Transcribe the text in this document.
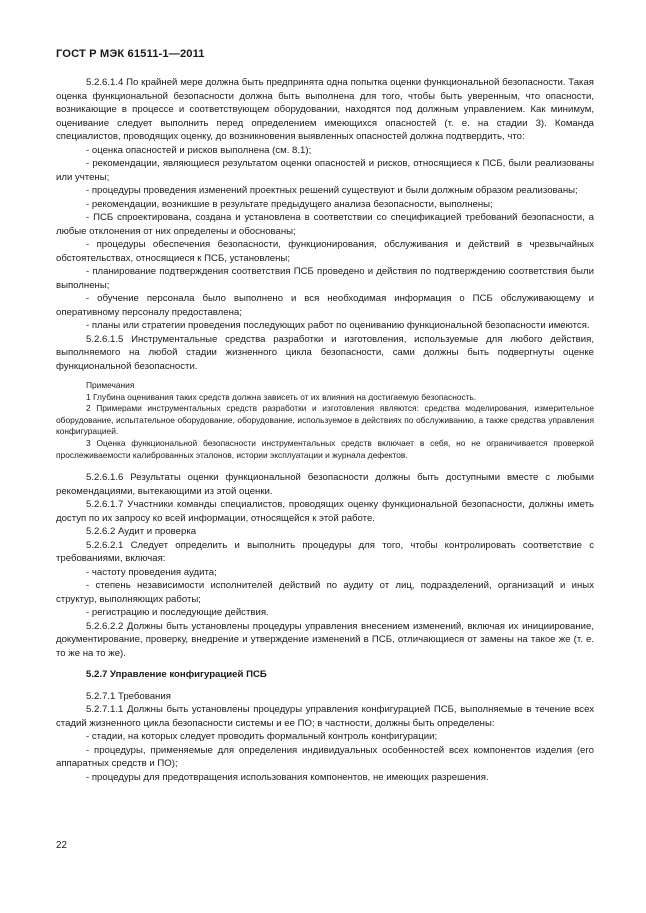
ГОСТ Р МЭК 61511-1—2011

5.2.6.1.4 По крайней мере должна быть предпринята одна попытка оценки функциональной безопасности. Такая оценка функциональной безопасности должна быть выполнена для того, чтобы быть уверенным, что опасности, возникающие в процессе и соответствующем оборудовании, находятся под должным управлением. Как минимум, оценивание следует выполнить перед определением имеющихся опасностей (т. е. на стадии 3). Команда специалистов, проводящих оценку, до возникновения выявленных опасностей должна подтвердить, что:

- оценка опасностей и рисков выполнена (см. 8.1);

- рекомендации, являющиеся результатом оценки опасностей и рисков, относящиеся к ПСБ, были реализованы или учтены;

- процедуры проведения изменений проектных решений существуют и были должным образом реализованы;

- рекомендации, возникшие в результате предыдущего анализа безопасности, выполнены;

- ПСБ спроектирована, создана и установлена в соответствии со спецификацией требований безопасности, а любые отклонения от них определены и обоснованы;

- процедуры обеспечения безопасности, функционирования, обслуживания и действий в чрезвычайных обстоятельствах, относящиеся к ПСБ, установлены;

- планирование подтверждения соответствия ПСБ проведено и действия по подтверждению соответствия были выполнены;

- обучение персонала было выполнено и вся необходимая информация о ПСБ обслуживающему и оперативному персоналу предоставлена;

- планы или стратегии проведения последующих работ по оцениванию функциональной безопасности имеются.

5.2.6.1.5 Инструментальные средства разработки и изготовления, используемые для любого действия, выполняемого на любой стадии жизненного цикла безопасности, сами должны быть подвергнуты оценке функциональной безопасности.

Примечания

1 Глубина оценивания таких средств должна зависеть от их влияния на достигаемую безопасность.

2 Примерами инструментальных средств разработки и изготовления являются: средства моделирования, измерительное оборудование, испытательное оборудование, оборудование, используемое в действиях по обслуживанию, а также средства управления конфигурацией.

3 Оценка функциональной безопасности инструментальных средств включает в себя, но не ограничивается проверкой прослеживаемости калиброванных эталонов, истории эксплуатации и журнала дефектов.

5.2.6.1.6 Результаты оценки функциональной безопасности должны быть доступными вместе с любыми рекомендациями, вытекающими из этой оценки.

5.2.6.1.7 Участники команды специалистов, проводящих оценку функциональной безопасности, должны иметь доступ по их запросу ко всей информации, относящейся к этой работе.

5.2.6.2 Аудит и проверка

5.2.6.2.1 Следует определить и выполнить процедуры для того, чтобы контролировать соответствие с требованиями, включая:

- частоту проведения аудита;

- степень независимости исполнителей действий по аудиту от лиц, подразделений, организаций и иных структур, выполняющих работы;

- регистрацию и последующие действия.

5.2.6.2.2 Должны быть установлены процедуры управления внесением изменений, включая их инициирование, документирование, проверку, внедрение и утверждение изменений в ПСБ, отличающиеся от замены на такое же (т. е. то же на то же).

5.2.7 Управление конфигурацией ПСБ

5.2.7.1 Требования

5.2.7.1.1 Должны быть установлены процедуры управления конфигурацией ПСБ, выполняемые в течение всех стадий жизненного цикла безопасности системы и ее ПО; в частности, должны быть определены:

- стадии, на которых следует проводить формальный контроль конфигурации;

- процедуры, применяемые для определения индивидуальных особенностей всех компонентов изделия (его аппаратных средств и ПО);

- процедуры для предотвращения использования компонентов, не имеющих разрешения.

22
